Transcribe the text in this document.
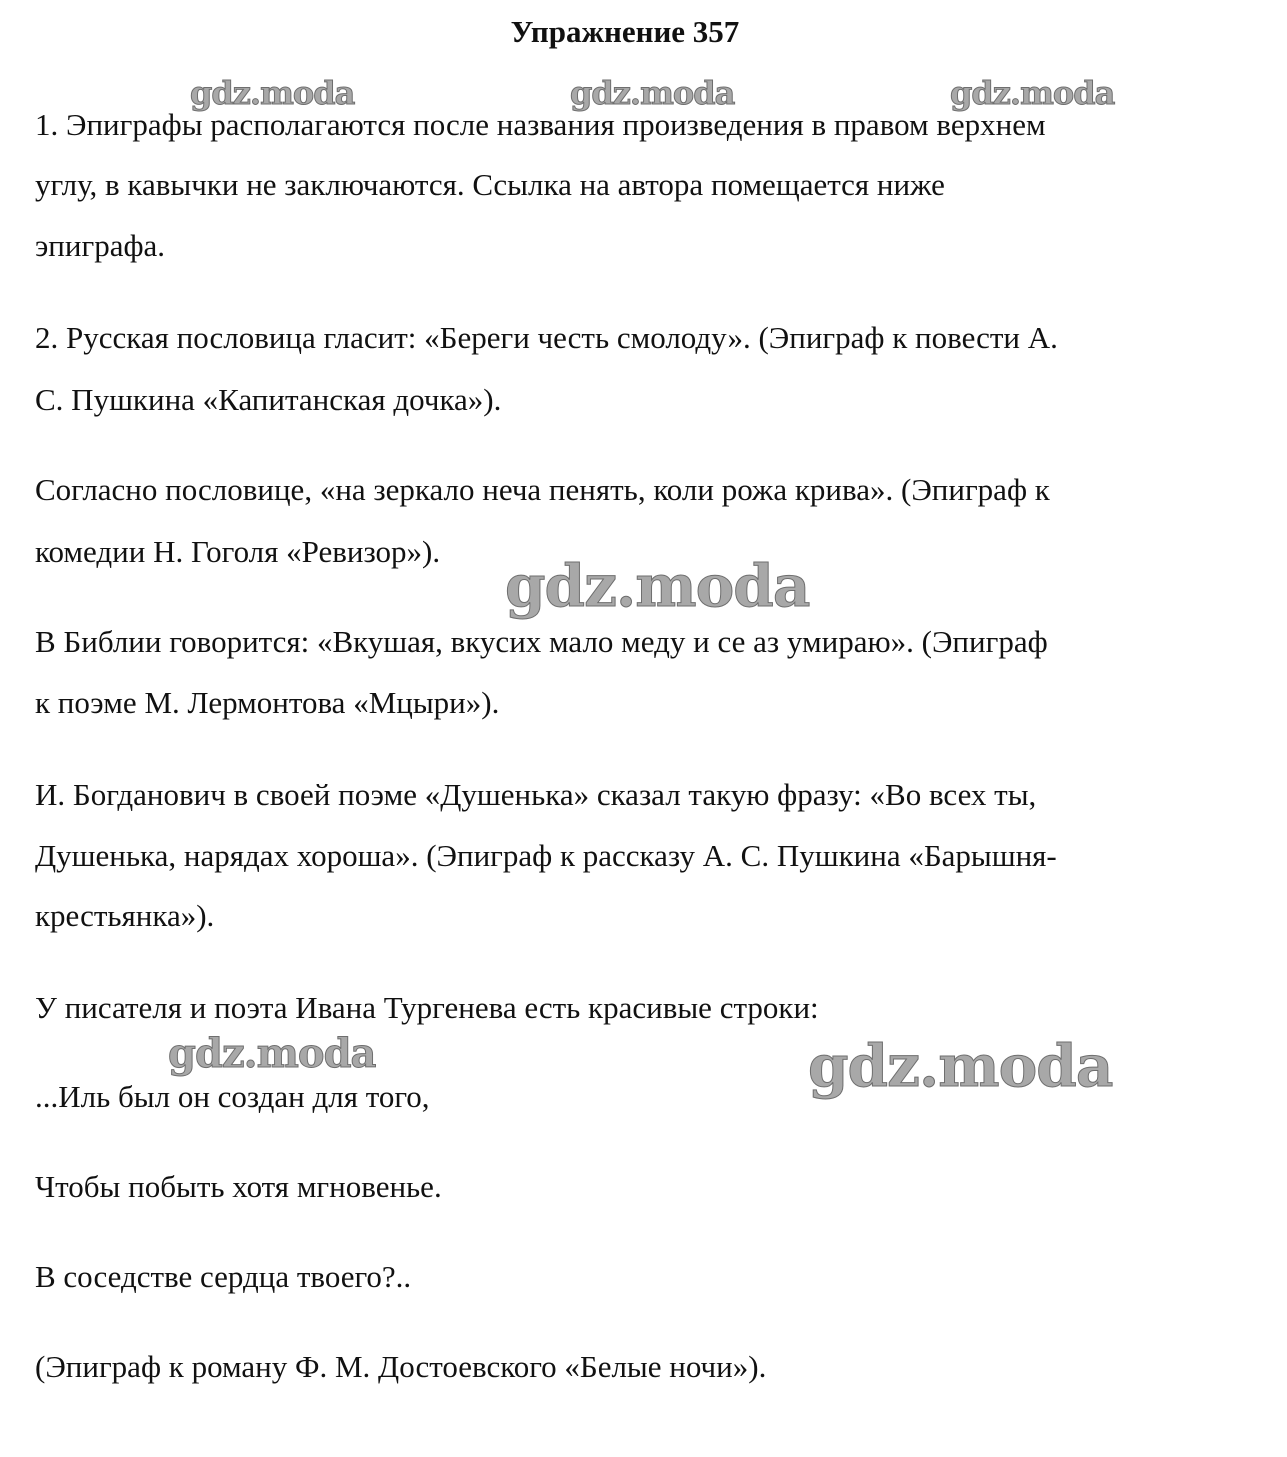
Упражнение 357
gdz.moda	gdz.moda	gdz.moda
1. Эпиграфы располагаются после названия произведения в правом верхнем
углу, в кавычки не заключаются. Ссылка на автора помещается ниже
эпиграфа.
2. Русская пословица гласит: «Береги честь смолоду». (Эпиграф к повести А.
С. Пушкина «Капитанская дочка»).
Согласно пословице, «на зеркало неча пенять, коли рожа крива». (Эпиграф к
комедии Н. Гоголя «Ревизор»).
В Библии говорится: «Вкушая, вкусих мало меду и се аз умираю». (Эпиграф
к поэме М. Лермонтова «Мцыри»).
И. Богданович в своей поэме «Душенька» сказал такую фразу: «Во всех ты,
Душенька, нарядах хороша». (Эпиграф к рассказу А. С. Пушкина «Барышня-
крестьянка»).
У писателя и поэта Ивана Тургенева есть красивые строки:
...Иль был он создан для того,
Чтобы побыть хотя мгновенье.
В соседстве сердца твоего?..
(Эпиграф к роману Ф. М. Достоевского «Белые ночи»).
gdz.moda
gdz.moda	gdz.moda
